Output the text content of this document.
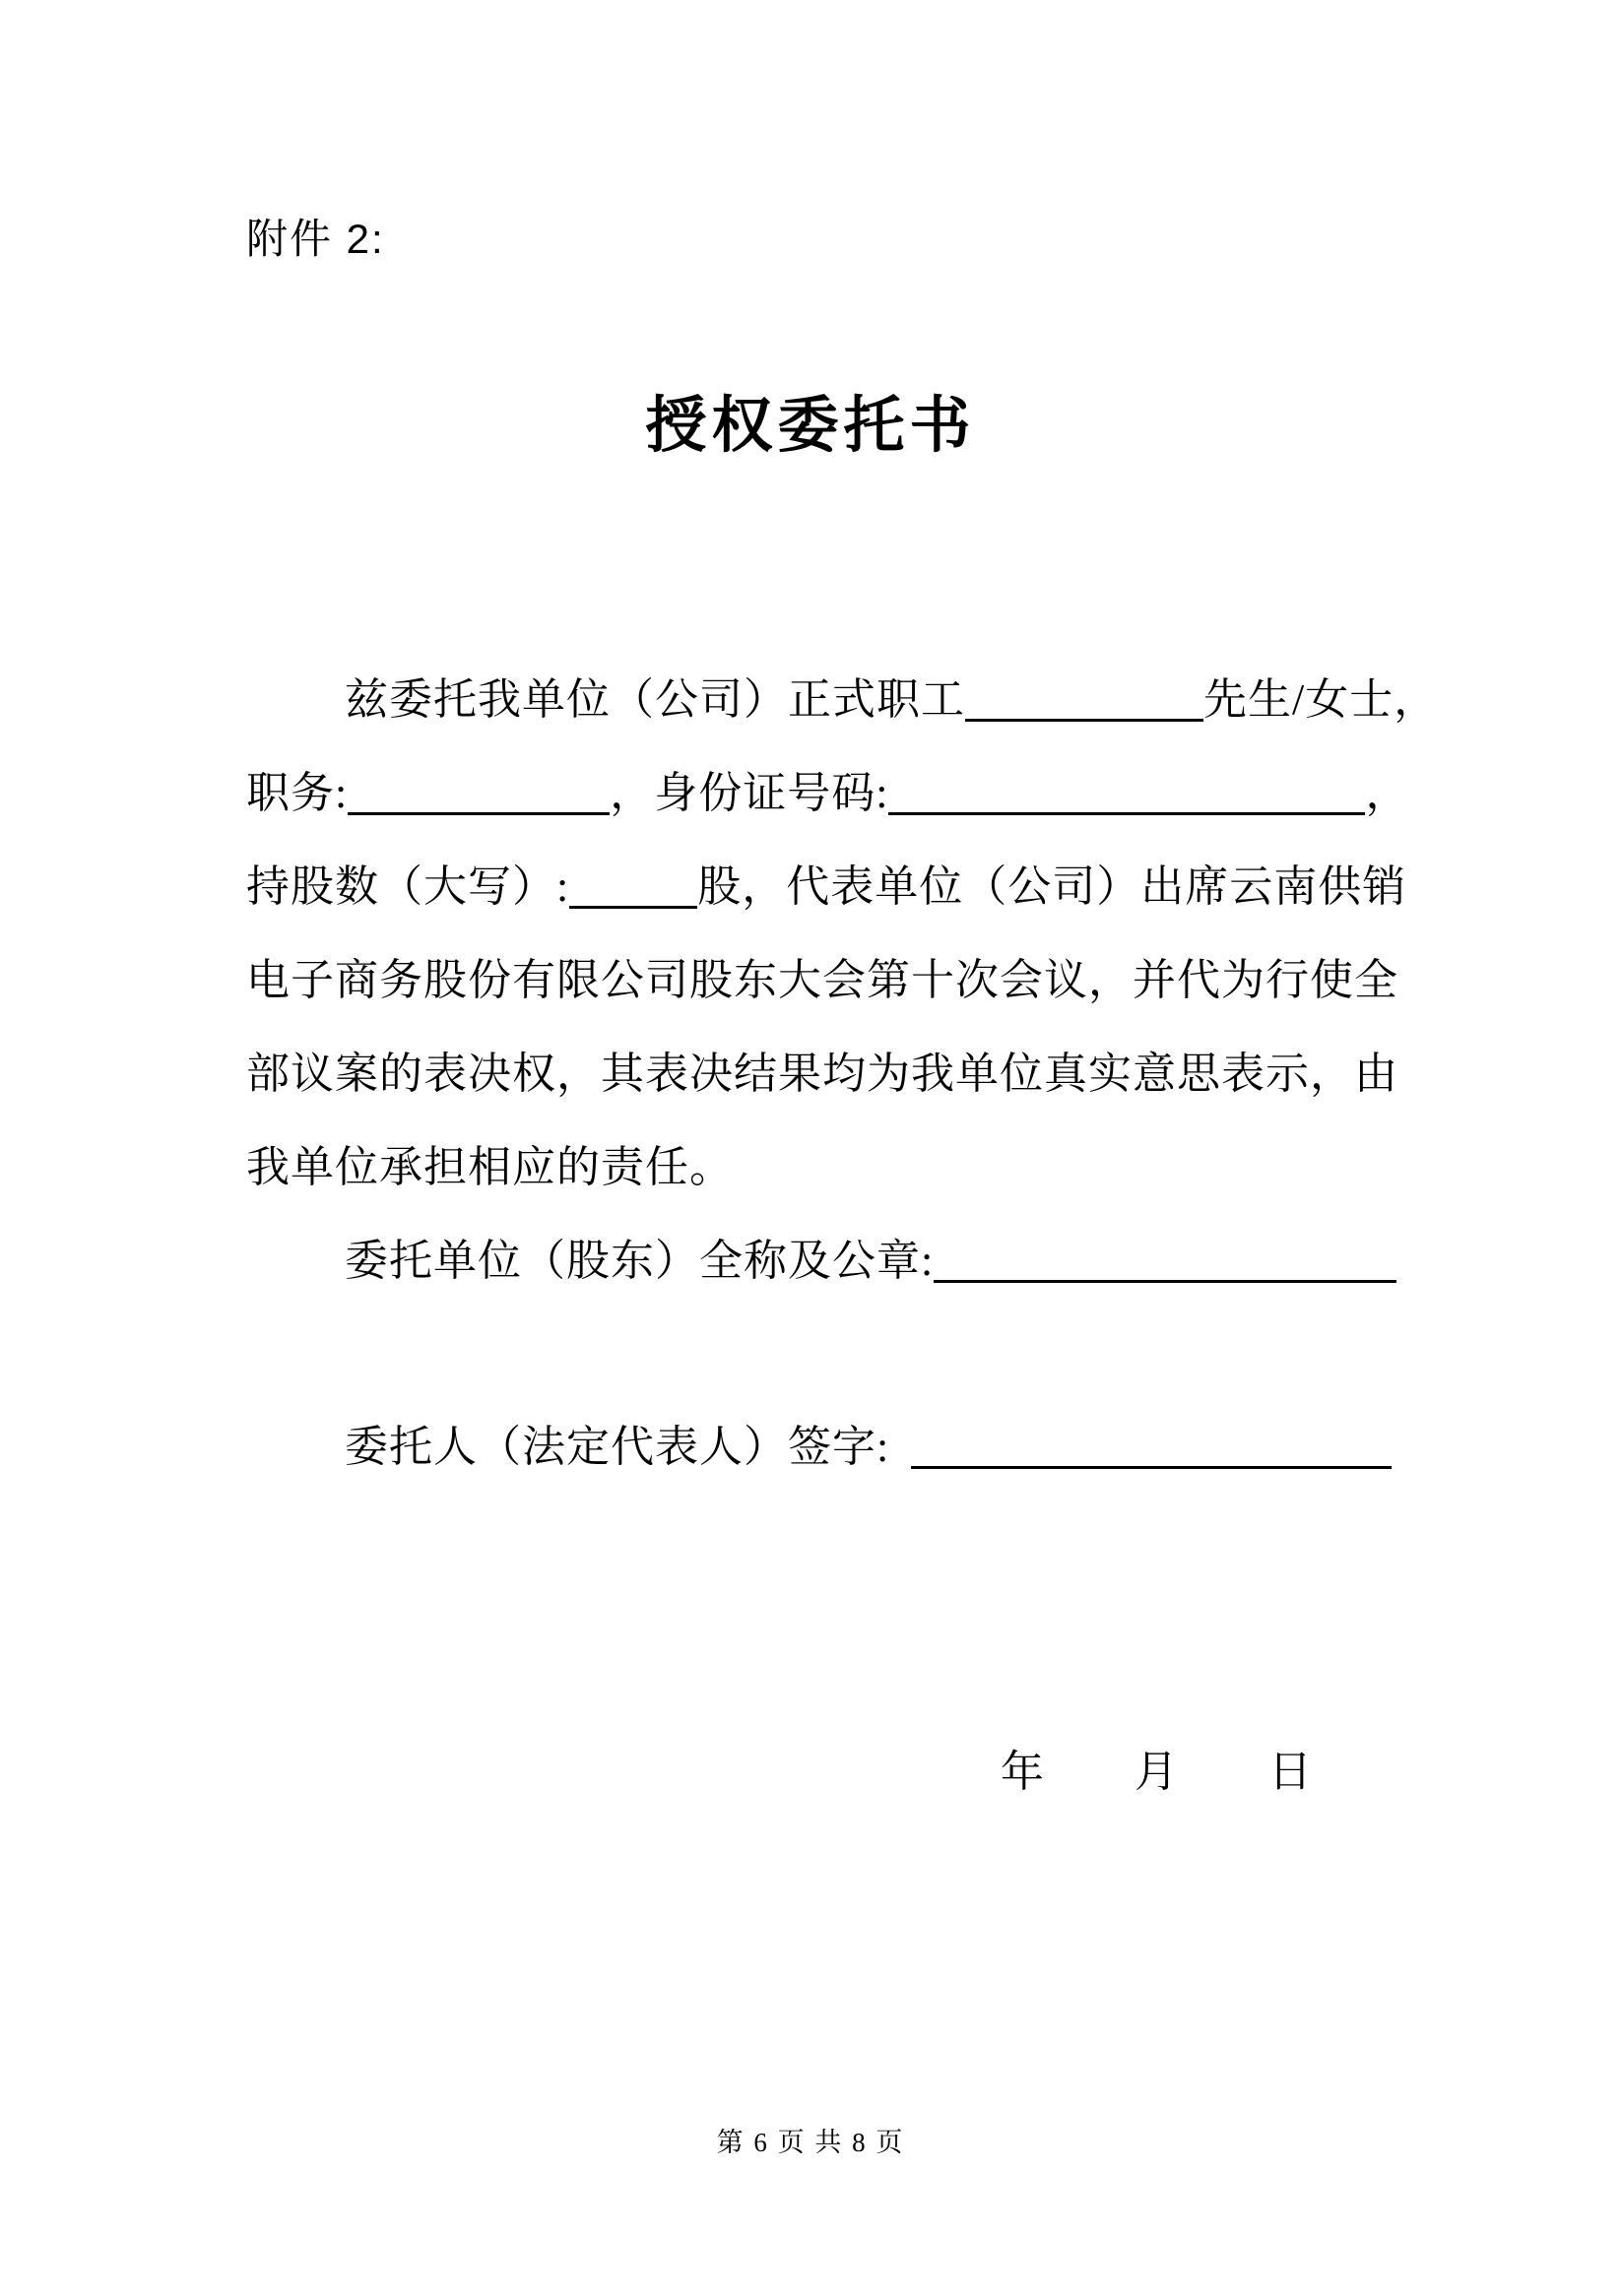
附件 2:
授权委托书
兹委托我单位（公司）正式职工	先生/女士，
职务:	，身份证号码:	，
持股数（大写）:	股，代表单位（公司）出席云南供销
电子商务股份有限公司股东大会第十次会议，并代为行使全
部议案的表决权，其表决结果均为我单位真实意思表示，由
我单位承担相应的责任。
委托单位（股东）全称及公章:
委托人（法定代表人）签字:
年 月 日
第 6 页 共 8 页
